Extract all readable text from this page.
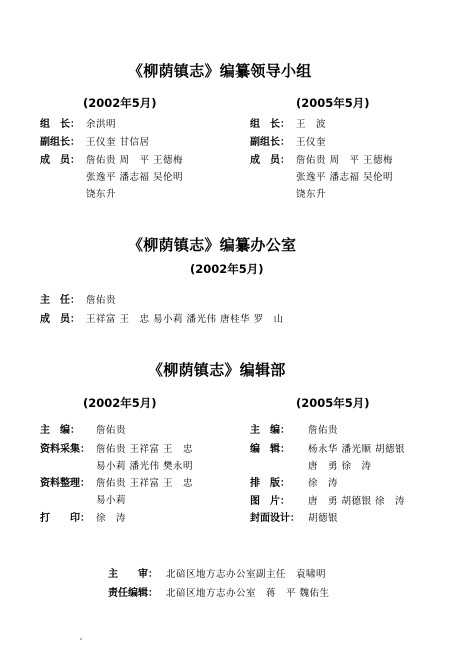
《柳荫镇志》编纂领导小组
(2002年5月)	(2005年5月)
组　长： 余洪明
副组长： 王仪奎 甘信居
成　员： 詹佑贵 周　平 王德梅
张逸平 潘志福 吴伦明
饶东升
组　长： 王　波
副组长： 王仪奎
成　员： 詹佑贵 周　平 王德梅
张逸平 潘志福 吴伦明
饶东升
《柳荫镇志》编纂办公室
(2002年5月)
主　任： 詹佑贵
成　员： 王祥富 王　忠 易小莉 潘光伟 唐桂华 罗　山
《柳荫镇志》编辑部
(2002年5月)	(2005年5月)
主　编： 詹佑贵
资料采集： 詹佑贵 王祥富 王　忠
易小莉 潘光伟 樊永明
资料整理： 詹佑贵 王祥富 王　忠
易小莉
打　　印： 徐　涛
主　编： 詹佑贵
编　辑： 杨永华 潘光顺 胡德银
唐　勇 徐　涛
排　版： 徐　涛
图　片： 唐　勇 胡德银 徐　涛
封面设计： 胡德银
主　　审： 北碚区地方志办公室副主任　袁啸明
责任编辑： 北碚区地方志办公室　蒋　平 魏佑生
